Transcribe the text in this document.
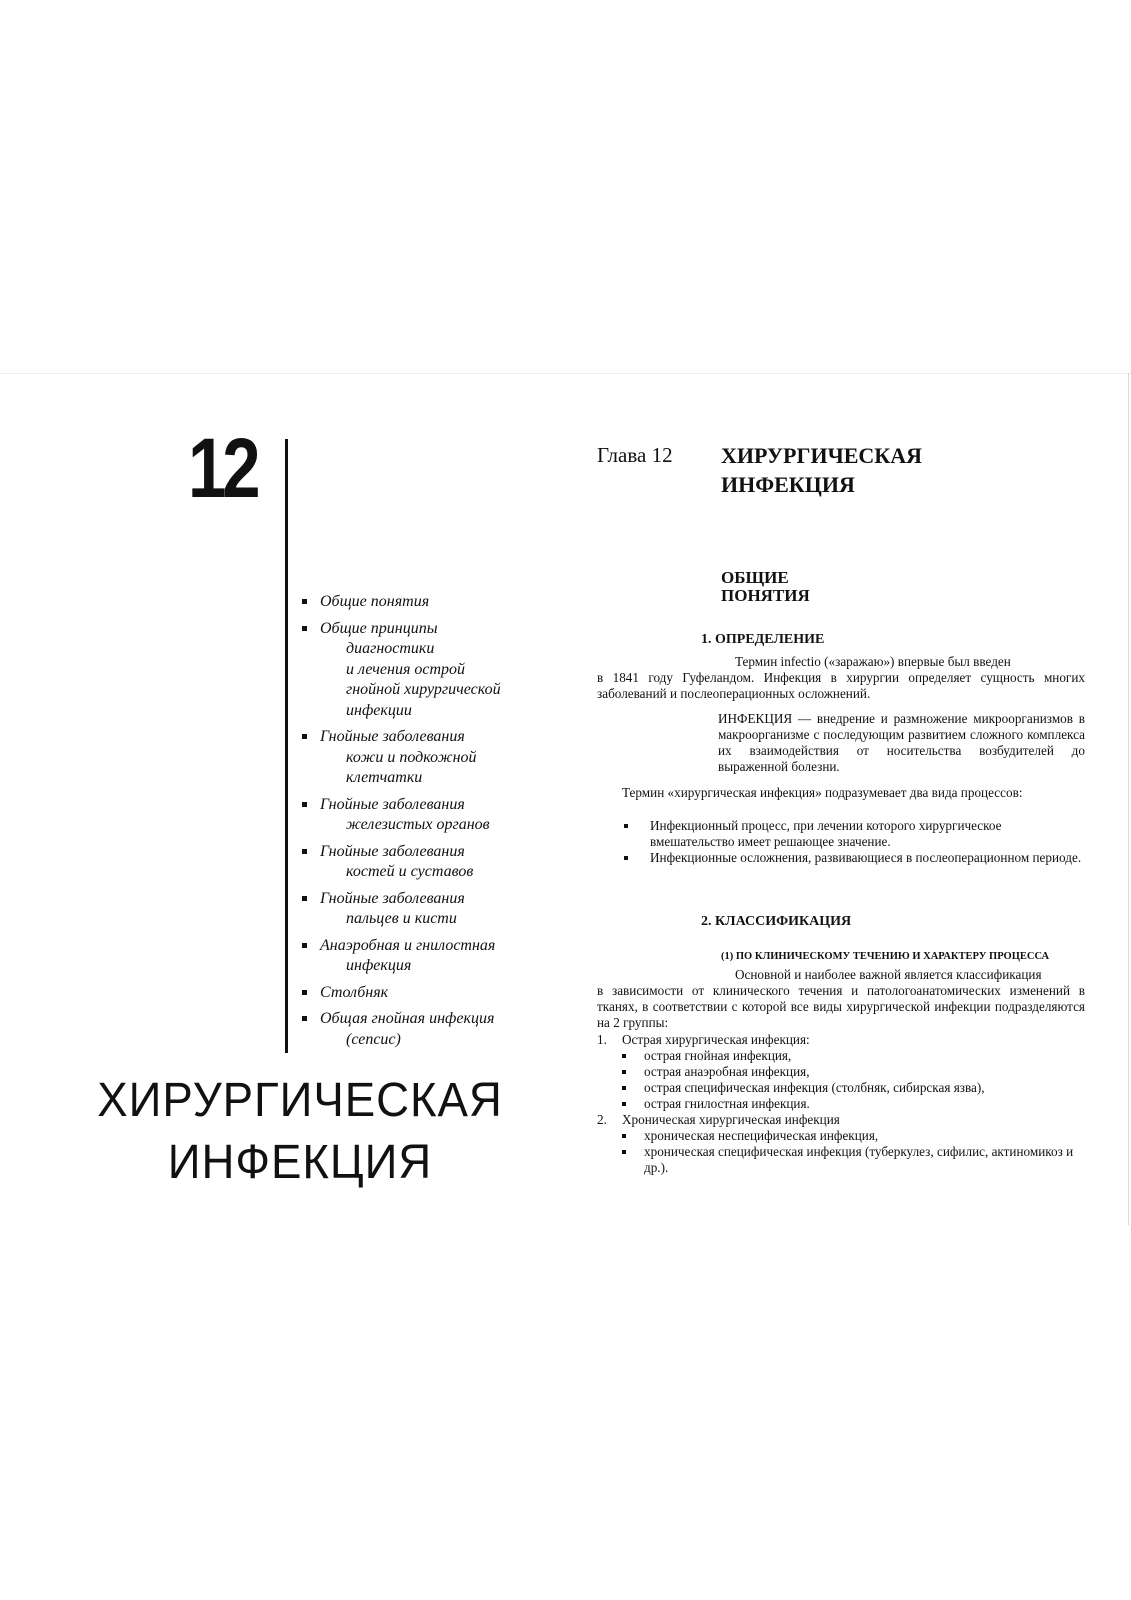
12
Общие понятия
Общие принципы
диагностики
и лечения острой
гнойной хирургической
инфекции
Гнойные заболевания
кожи и подкожной
клетчатки
Гнойные заболевания
железистых органов
Гнойные заболевания
костей и суставов
Гнойные заболевания
пальцев и кисти
Анаэробная и гнилостная
инфекция
Столбняк
Общая гнойная инфекция
(сепсис)
ХИРУРГИЧЕСКАЯ
ИНФЕКЦИЯ
Глава 12 ХИРУРГИЧЕСКАЯ ИНФЕКЦИЯ
ОБЩИЕ
ПОНЯТИЯ
1. ОПРЕДЕЛЕНИЕ
Термин infectio («заражаю») впервые был введен
в 1841 году Гуфеландом. Инфекция в хирургии определяет сущность многих заболеваний и послеоперационных осложнений.
ИНФЕКЦИЯ — внедрение и размножение микроорганизмов в макроорганизме с последующим развитием сложного комплекса их взаимодействия от носительства возбудителей до выраженной болезни.
Термин «хирургическая инфекция» подразумевает два вида процессов:
Инфекционный процесс, при лечении которого хирургическое вмешательство имеет решающее значение.
Инфекционные осложнения, развивающиеся в послеоперационном периоде.
2. КЛАССИФИКАЦИЯ
(1) ПО КЛИНИЧЕСКОМУ ТЕЧЕНИЮ И ХАРАКТЕРУ ПРОЦЕССА
Основной и наиболее важной является классификация
в зависимости от клинического течения и патологоанатомических изменений в тканях, в соответствии с которой все виды хирургической инфекции подразделяются на 2 группы:
1. Острая хирургическая инфекция:
острая гнойная инфекция,
острая анаэробная инфекция,
острая специфическая инфекция (столбняк, сибирская язва),
острая гнилостная инфекция.
2. Хроническая хирургическая инфекция
хроническая неспецифическая инфекция,
хроническая специфическая инфекция (туберкулез, сифилис, актиномикоз и др.).
